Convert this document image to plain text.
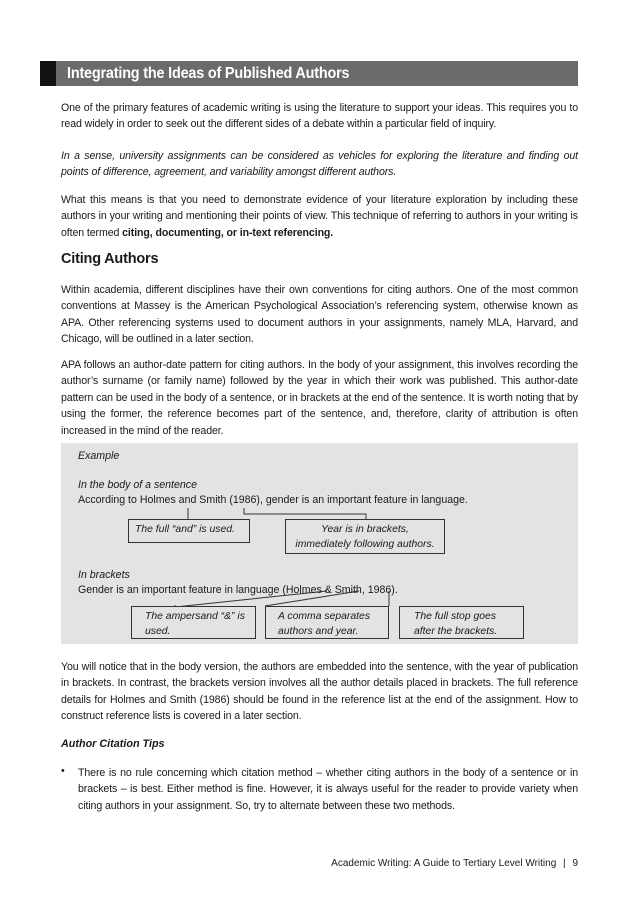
Integrating the Ideas of Published Authors
One of the primary features of academic writing is using the literature to support your ideas. This requires you to read widely in order to seek out the different sides of a debate within a particular field of inquiry.
In a sense, university assignments can be considered as vehicles for exploring the literature and finding out points of difference, agreement, and variability amongst different authors.
What this means is that you need to demonstrate evidence of your literature exploration by including these authors in your writing and mentioning their points of view. This technique of referring to authors in your writing is often termed citing, documenting, or in-text referencing.
Citing Authors
Within academia, different disciplines have their own conventions for citing authors. One of the most common conventions at Massey is the American Psychological Association’s referencing system, otherwise known as APA. Other referencing systems used to document authors in your assignments, namely MLA, Harvard, and Chicago, will be outlined in a later section.
APA follows an author-date pattern for citing authors. In the body of your assignment, this involves recording the author’s surname (or family name) followed by the year in which their work was published. This author-date pattern can be used in the body of a sentence, or in brackets at the end of the sentence. It is worth noting that by using the former, the reference becomes part of the sentence, and, therefore, clarity of attribution is often increased in the mind of the reader.
Example
In the body of a sentence
According to Holmes and Smith (1986), gender is an important feature in language.
The full “and” is used.	Year is in brackets, immediately following authors.
In brackets
Gender is an important feature in language (Holmes & Smith, 1986).
The ampersand “&” is used.
A comma separates authors and year.
The full stop goes after the brackets.
You will notice that in the body version, the authors are embedded into the sentence, with the year of publication in brackets. In contrast, the brackets version involves all the author details placed in brackets. The full reference details for Holmes and Smith (1986) should be found in the reference list at the end of the assignment. How to construct reference lists is covered in a later section.
Author Citation Tips
• There is no rule concerning which citation method – whether citing authors in the body of a sentence or in brackets – is best. Either method is fine. However, it is always useful for the reader to provide variety when citing authors in your assignment. So, try to alternate between these two methods.
Academic Writing: A Guide to Tertiary Level Writing | 9
